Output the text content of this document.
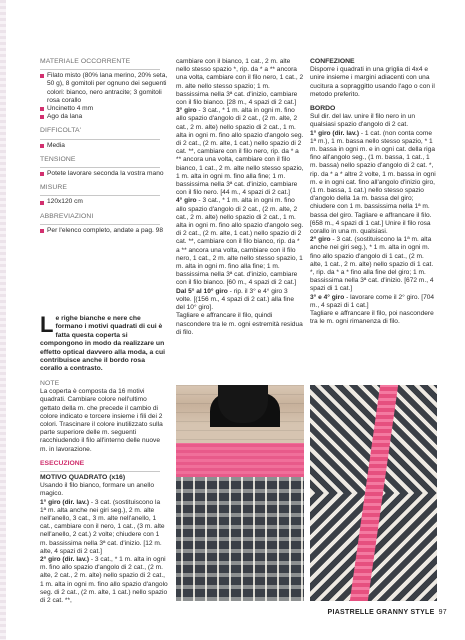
MATERIALE OCCORRENTE
Filato misto (80% lana merino, 20% seta, 50 g), 8 gomitoli per ognuno dei seguenti colori: bianco, nero antracite; 3 gomitoli rosa corallo
Uncinetto 4 mm
Ago da lana
DIFFICOLTA'
Media
TENSIONE
Potete lavorare seconda la vostra mano
MISURE
120x120 cm
ABBREVIAZIONI
Per l'elenco completo, andate a pag. 98
Le righe bianche e nere che formano i motivi quadrati di cui è fatta questa coperta si compongono in modo da realizzare un effetto optical davvero alla moda, a cui contribuisce anche il bordo rosa corallo a contrasto.
NOTE

La coperta è composta da 16 motivi quadrati. Cambiare colore nell'ultimo gettato della m. che precede il cambio di colore indicato e torcere insieme i fili dei 2 colori. Trascinare il colore inutilizzato sulla parte superiore delle m. seguenti racchiudendo il filo all'interno delle nuove m. in lavorazione.

ESECUZIONE
MOTIVO QUADRATO (x16)

Usando il filo bianco, formare un anello magico.

1° giro (dir. lav.) - 3 cat. (sostituiscono la 1ª m. alta anche nei giri seg.), 2 m. alte nell'anello, 3 cat., 3 m. alte nell'anello, 1 cat., cambiare con il nero, 1 cat., (3 m. alte nell'anello, 2 cat.) 2 volte; chiudere con 1 m. bassissima nella 3ª cat. d'inizio. [12 m. alte, 4 spazi di 2 cat.]

2° giro (dir. lav.) - 3 cat., * 1 m. alta in ogni m. fino allo spazio d'angolo di 2 cat., (2 m. alte, 2 cat., 2 m. alte) nello spazio di 2 cat., 1 m. alta in ogni m. fino allo spazio d'angolo seg. di 2 cat., (2 m. alte, 1 cat.) nello spazio di 2 cat. **,

cambiare con il bianco, 1 cat., 2 m. alte nello stesso spazio *, rip. da * a ** ancora una volta, cambiare con il filo nero, 1 cat., 2 m. alte nello stesso spazio; 1 m. bassissima nella 3ª cat. d'inizio, cambiare con il filo bianco. [28 m., 4 spazi di 2 cat.]

3° giro - 3 cat., * 1 m. alta in ogni m. fino allo spazio d'angolo di 2 cat., (2 m. alte, 2 cat., 2 m. alte) nello spazio di 2 cat., 1 m. alta in ogni m. fino allo spazio d'angolo seg. di 2 cat., (2 m. alte, 1 cat.) nello spazio di 2 cat. **, cambiare con il filo nero, rip. da * a ** ancora una volta, cambiare con il filo bianco, 1 cat., 2 m. alte nello stesso spazio, 1 m. alta in ogni m. fino alla fine; 1 m. bassissima nella 3ª cat. d'inizio, cambiare con il filo nero. [44 m., 4 spazi di 2 cat.]

4° giro - 3 cat., * 1 m. alta in ogni m. fino allo spazio d'angolo di 2 cat., (2 m. alte, 2 cat., 2 m. alte) nello spazio di 2 cat., 1 m. alta in ogni m. fino allo spazio d'angolo seg. di 2 cat., (2 m. alte, 1 cat.) nello spazio di 2 cat. **, cambiare con il filo bianco, rip. da * a ** ancora una volta, cambiare con il filo nero, 1 cat., 2 m. alte nello stesso spazio, 1 m. alta in ogni m. fino alla fine; 1 m. bassissima nella 3ª cat. d'inizio, cambiare con il filo bianco. [60 m., 4 spazi di 2 cat.]

Dal 5° al 10° giro - rip. il 3° e 4° giro 3 volte. [(156 m., 4 spazi di 2 cat.) alla fine del 10° giro].

Tagliare e affrancare il filo, quindi nascondere tra le m. ogni estremità residua di filo.

CONFEZIONE

Disporre i quadrati in una griglia di 4x4 e unire insieme i margini adiacenti con una cucitura a sopraggitto usando l'ago o con il metodo preferito.

BORDO

Sul dir. del lav. unire il filo nero in un qualsiasi spazio d'angolo di 2 cat.

1° giro (dir. lav.) - 1 cat. (non conta come 1ª m.), 1 m. bassa nello stesso spazio, * 1 m. bassa in ogni m. e in ogni cat. della riga fino all'angolo seg., (1 m. bassa, 1 cat., 1 m. bassa) nello spazio d'angolo di 2 cat. *, rip. da * a * altre 2 volte, 1 m. bassa in ogni m. e in ogni cat. fino all'angolo d'inizio giro, (1 m. bassa, 1 cat.) nello stesso spazio d'angolo della 1a m. bassa del giro; chiudere con 1 m. bassissima nella 1ª m. bassa del giro. Tagliare e affrancare il filo. [658 m., 4 spazi di 1 cat.] Unire il filo rosa corallo in una m. qualsiasi.

2° giro - 3 cat. (sostituiscono la 1ª m. alta anche nei giri seg.), * 1 m. alta in ogni m. fino allo spazio d'angolo di 1 cat., (2 m. alte, 1 cat., 2 m. alte) nello spazio di 1 cat. *, rip. da * a * fino alla fine del giro; 1 m. bassissima nella 3ª cat. d'inizio. [672 m., 4 spazi di 1 cat.]

3° e 4° giro - lavorare come il 2° giro. [704 m., 4 spazi di 1 cat.]

Tagliare e affrancare il filo, poi nascondere tra le m. ogni rimanenza di filo.

PIASTRELLE GRANNY STYLE 97
